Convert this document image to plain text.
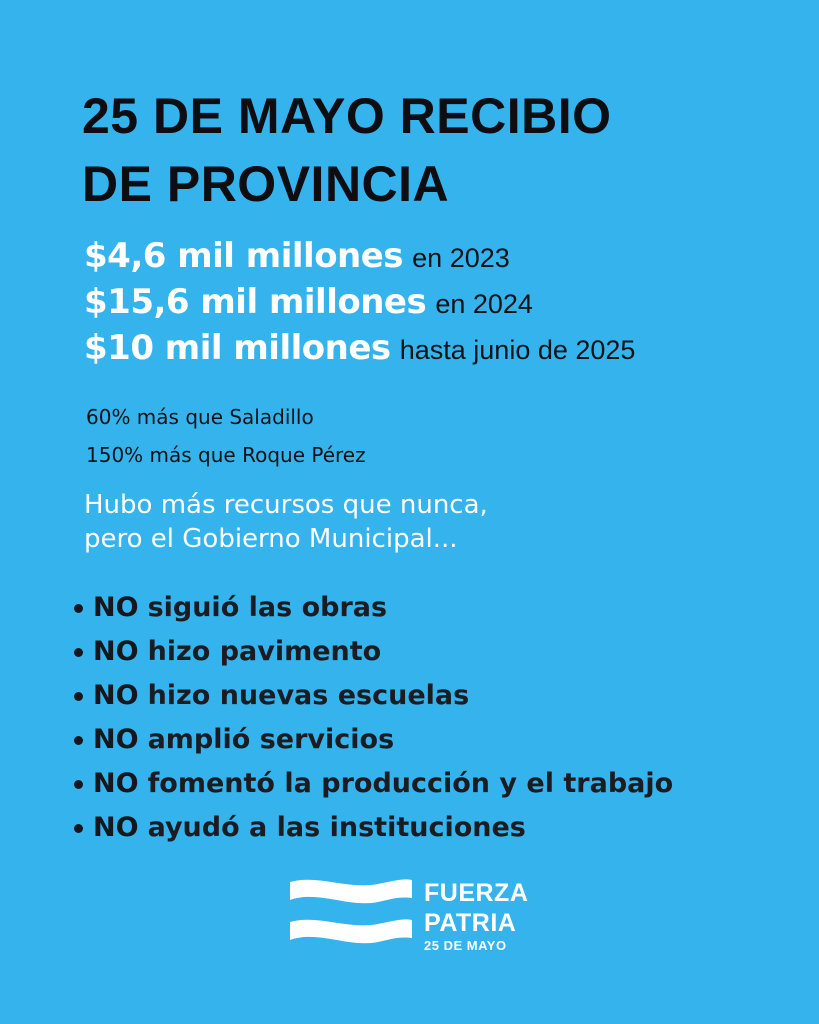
25 DE MAYO RECIBIO
DE PROVINCIA
$4,6 mil millones en 2023
$15,6 mil millones en 2024
$10 mil millones hasta junio de 2025
60% más que Saladillo
150% más que Roque Pérez
Hubo más recursos que nunca,
pero el Gobierno Municipal...
NO siguió las obras
NO hizo pavimento
NO hizo nuevas escuelas
NO amplió servicios
NO fomentó la producción y el trabajo
NO ayudó a las instituciones
FUERZA
PATRIA
25 DE MAYO
